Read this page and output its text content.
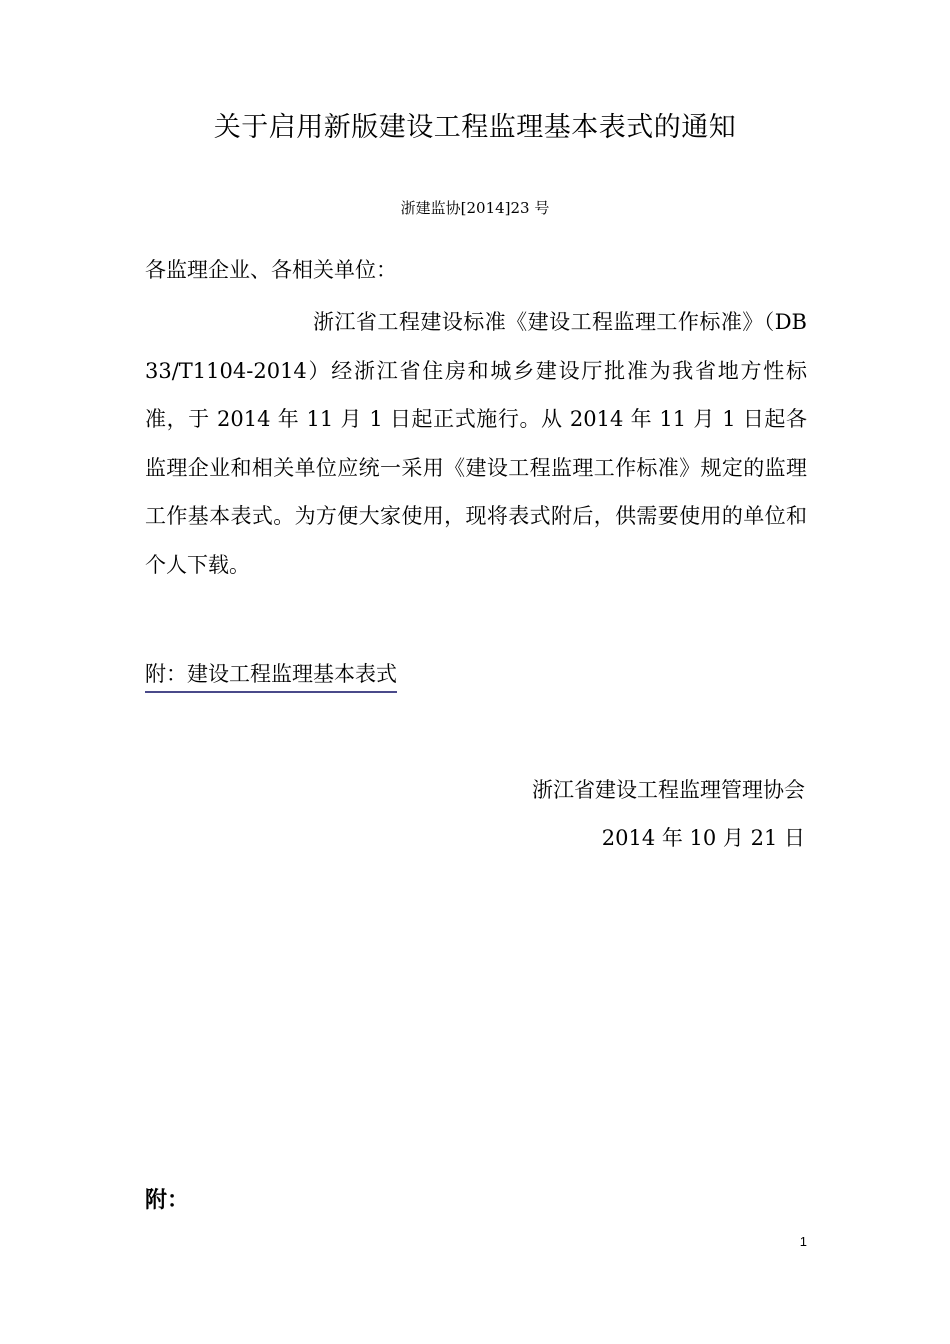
关于启用新版建设工程监理基本表式的通知
浙建监协[2014]23 号
各监理企业、各相关单位：
浙江省工程建设标准《建设工程监理工作标准》（DB33/T1104-2014）经浙江省住房和城乡建设厅批准为我省地方性标准，于 2014 年 11 月 1 日起正式施行。从 2014 年 11 月 1 日起各监理企业和相关单位应统一采用《建设工程监理工作标准》规定的监理工作基本表式。为方便大家使用，现将表式附后，供需要使用的单位和个人下载。
附：建设工程监理基本表式
浙江省建设工程监理管理协会
2014 年 10 月 21 日
附：
1
